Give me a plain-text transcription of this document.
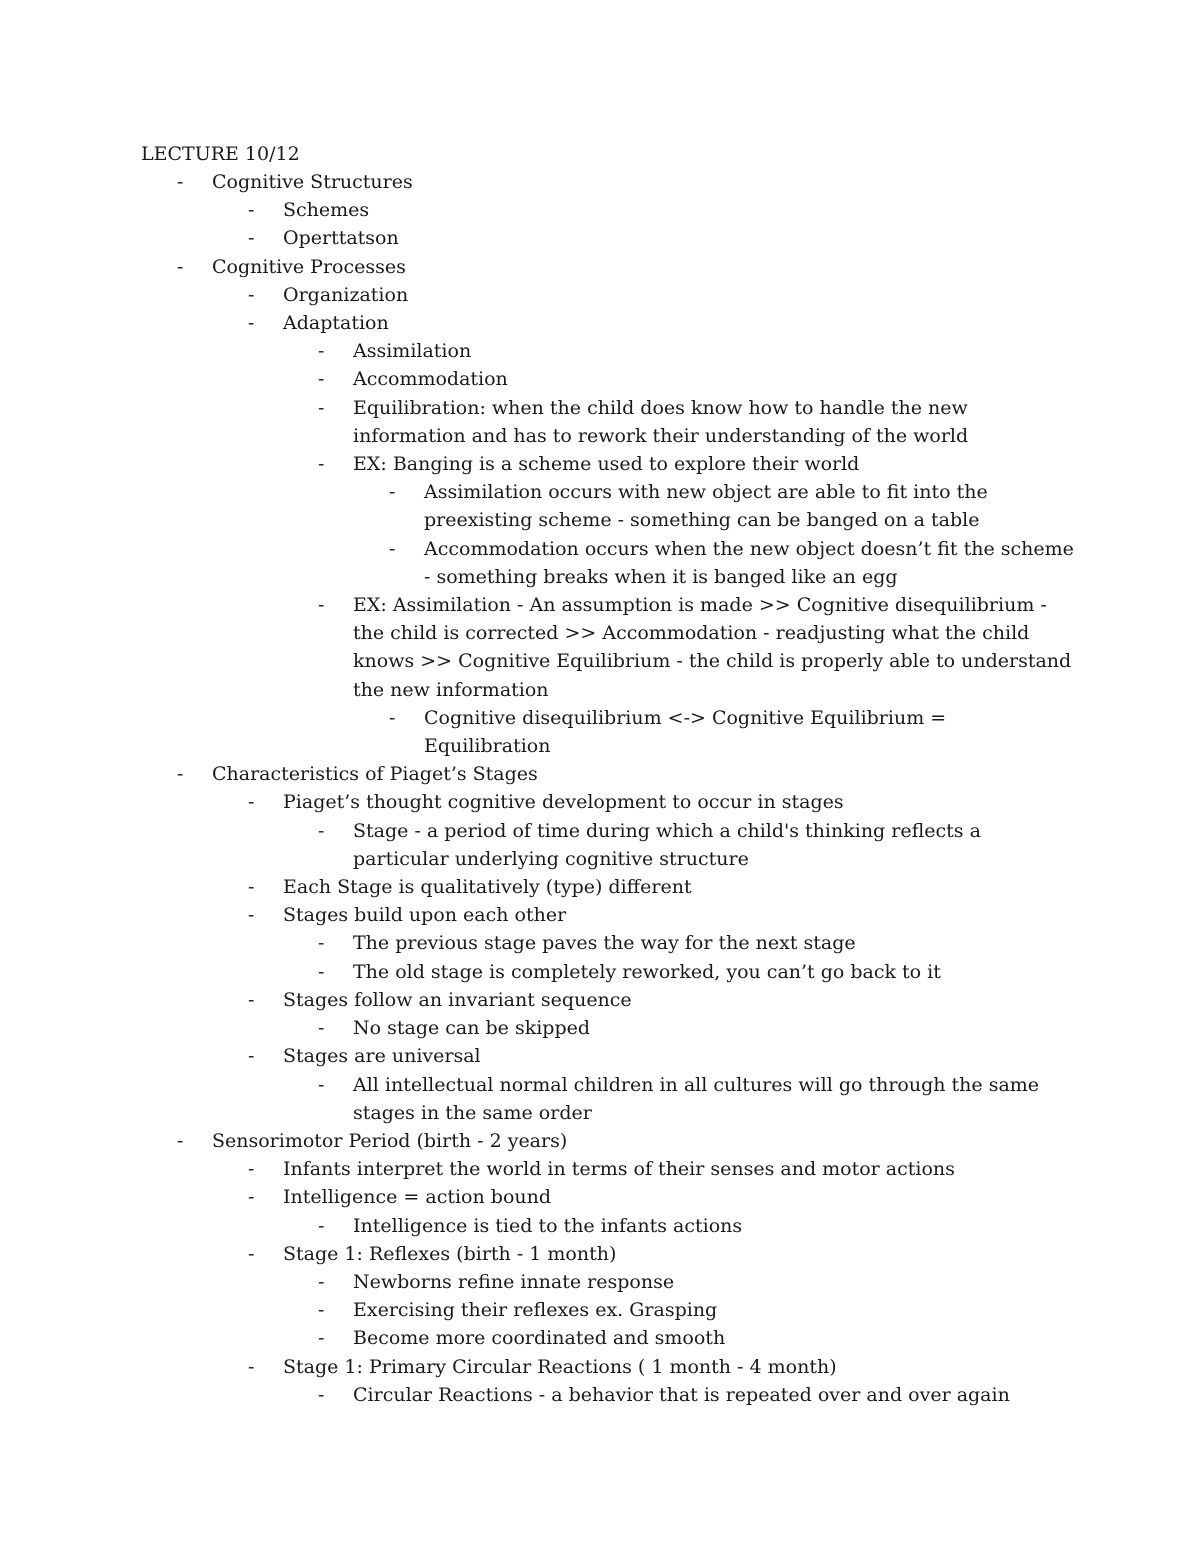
LECTURE 10/12
-	Cognitive Structures
-	Schemes
-	Operttatson
-	Cognitive Processes
-	Organization
-	Adaptation
-	Assimilation
-	Accommodation
-	Equilibration: when the child does know how to handle the new
information and has to rework their understanding of the world
-	EX: Banging is a scheme used to explore their world
-	Assimilation occurs with new object are able to fit into the
preexisting scheme - something can be banged on a table
-	Accommodation occurs when the new object doesn’t fit the scheme
- something breaks when it is banged like an egg
-	EX: Assimilation - An assumption is made >> Cognitive disequilibrium -
the child is corrected >> Accommodation - readjusting what the child
knows >> Cognitive Equilibrium - the child is properly able to understand
the new information
-	Cognitive disequilibrium <-> Cognitive Equilibrium =
Equilibration
-	Characteristics of Piaget’s Stages
-	Piaget’s thought cognitive development to occur in stages
-	Stage - a period of time during which a child's thinking reflects a
particular underlying cognitive structure
-	Each Stage is qualitatively (type) different
-	Stages build upon each other
-	The previous stage paves the way for the next stage
-	The old stage is completely reworked, you can’t go back to it
-	Stages follow an invariant sequence
-	No stage can be skipped
-	Stages are universal
-	All intellectual normal children in all cultures will go through the same
stages in the same order
-	Sensorimotor Period (birth - 2 years)
-	Infants interpret the world in terms of their senses and motor actions
-	Intelligence = action bound
-	Intelligence is tied to the infants actions
-	Stage 1: Reflexes (birth - 1 month)
-	Newborns refine innate response
-	Exercising their reflexes ex. Grasping
-	Become more coordinated and smooth
-	Stage 1: Primary Circular Reactions ( 1 month - 4 month)
-	Circular Reactions - a behavior that is repeated over and over again
